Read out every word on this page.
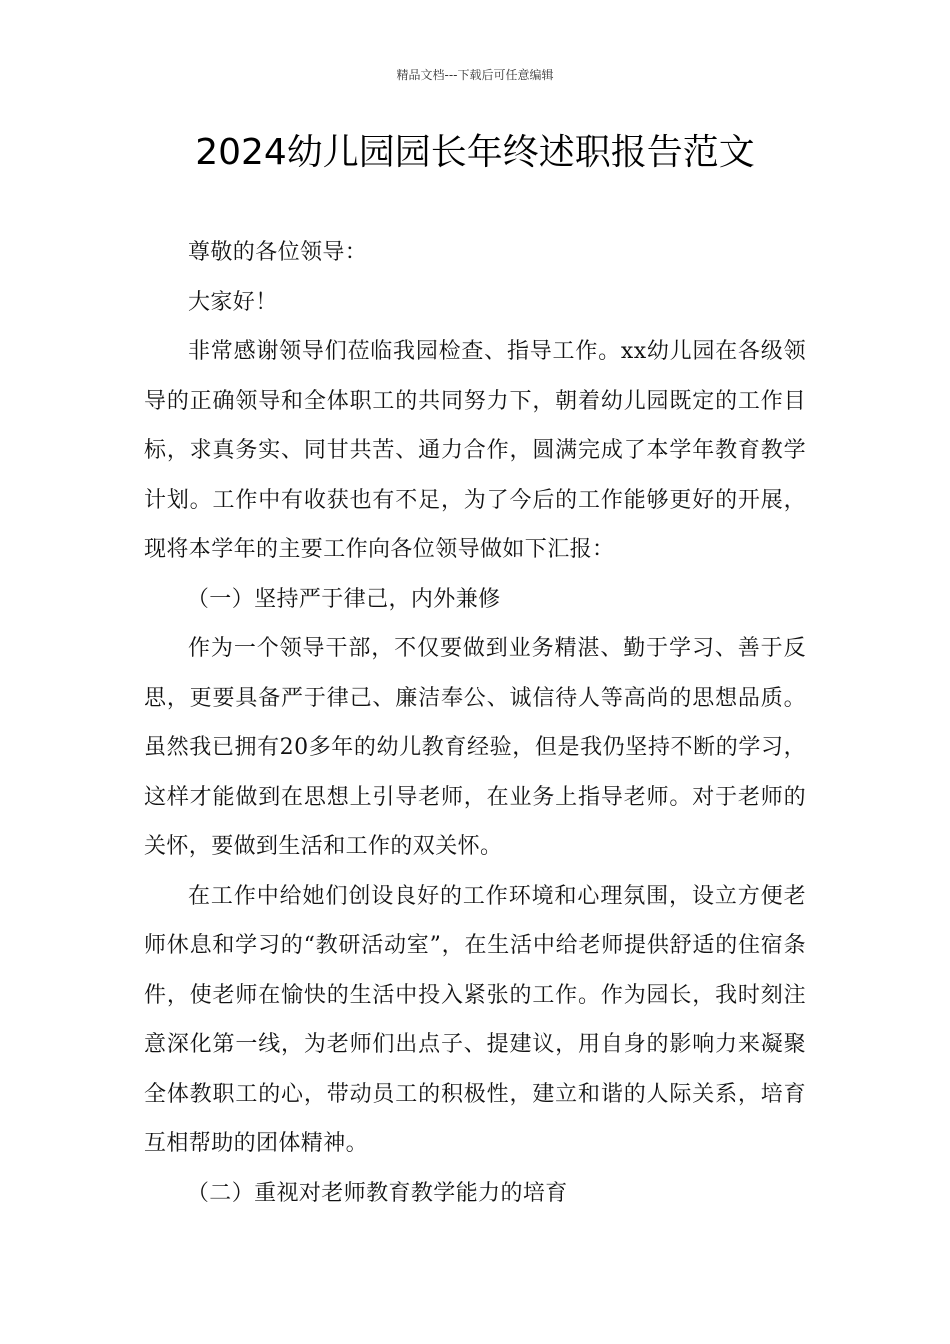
精品文档---下载后可任意编辑
2024幼儿园园长年终述职报告范文

尊敬的各位领导：

大家好！

非常感谢领导们莅临我园检查、指导工作。xx幼儿园在各级领导的正确领导和全体职工的共同努力下，朝着幼儿园既定的工作目标，求真务实、同甘共苦、通力合作，圆满完成了本学年教育教学计划。工作中有收获也有不足，为了今后的工作能够更好的开展，现将本学年的主要工作向各位领导做如下汇报：

（一）坚持严于律己，内外兼修

作为一个领导干部，不仅要做到业务精湛、勤于学习、善于反思，更要具备严于律己、廉洁奉公、诚信待人等高尚的思想品质。虽然我已拥有20多年的幼儿教育经验，但是我仍坚持不断的学习，这样才能做到在思想上引导老师，在业务上指导老师。对于老师的关怀，要做到生活和工作的双关怀。

在工作中给她们创设良好的工作环境和心理氛围，设立方便老师休息和学习的“教研活动室”，在生活中给老师提供舒适的住宿条件，使老师在愉快的生活中投入紧张的工作。作为园长，我时刻注意深化第一线，为老师们出点子、提建议，用自身的影响力来凝聚全体教职工的心，带动员工的积极性，建立和谐的人际关系，培育互相帮助的团体精神。

（二）重视对老师教育教学能力的培育
